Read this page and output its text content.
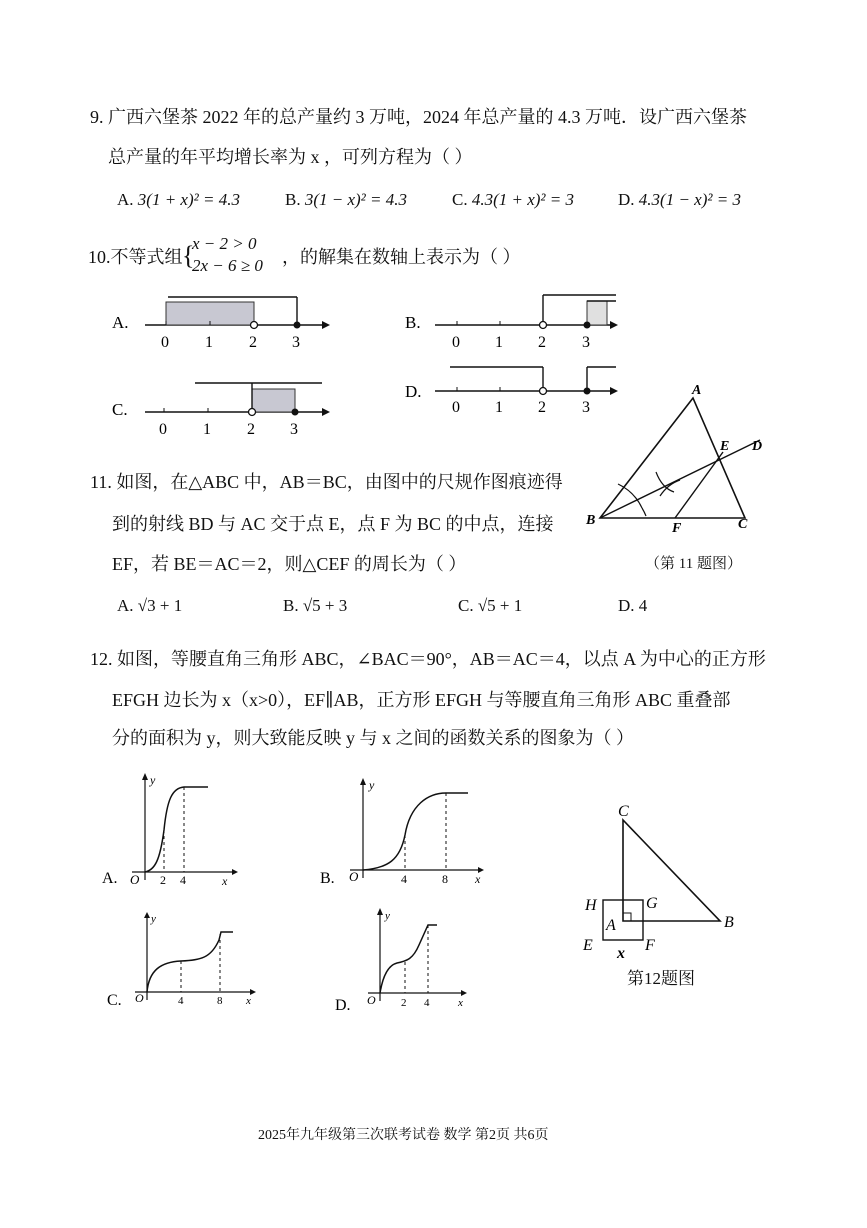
9. 广西六堡茶 2022 年的总产量约 3 万吨，2024 年总产量的 4.3 万吨．设广西六堡茶
总产量的年平均增长率为 x ，可列方程为（ ）
A. 3(1 + x)² = 4.3	B. 3(1 − x)² = 4.3	C. 4.3(1 + x)² = 3	D. 4.3(1 − x)² = 3
10.不等式组 {
x − 2 > 0
2x − 6 ≥ 0 ，的解集在数轴上表示为（ ）
A.
0 1 2 3
B.
0 1 2 3
C.
0 1 2 3
D.
0 1 2 3
A
B	C
D
E
F
11. 如图，在△ABC 中，AB＝BC，由图中的尺规作图痕迹得
到的射线 BD 与 AC 交于点 E，点 F 为 BC 的中点，连接
EF，若 BE＝AC＝2，则△CEF 的周长为（ ）	（第 11 题图）
A. √3 + 1	B. √5 + 3	C. √5 + 1	D. 4
12. 如图，等腰直角三角形 ABC，∠BAC＝90°，AB＝AC＝4，以点 A 为中心的正方形
EFGH 边长为 x（x>0），EF∥AB，正方形 EFGH 与等腰直角三角形 ABC 重叠部
分的面积为 y，则大致能反映 y 与 x 之间的函数关系的图象为（ ）
A. O
y
x
2 4	B. O
y
x
4	8
C. O
y
x
4	8	D. O
y
x
2 4
C
B
A
H	G
E	F
x
第12题图
2025年九年级第三次联考试卷 数学 第2页 共6页
